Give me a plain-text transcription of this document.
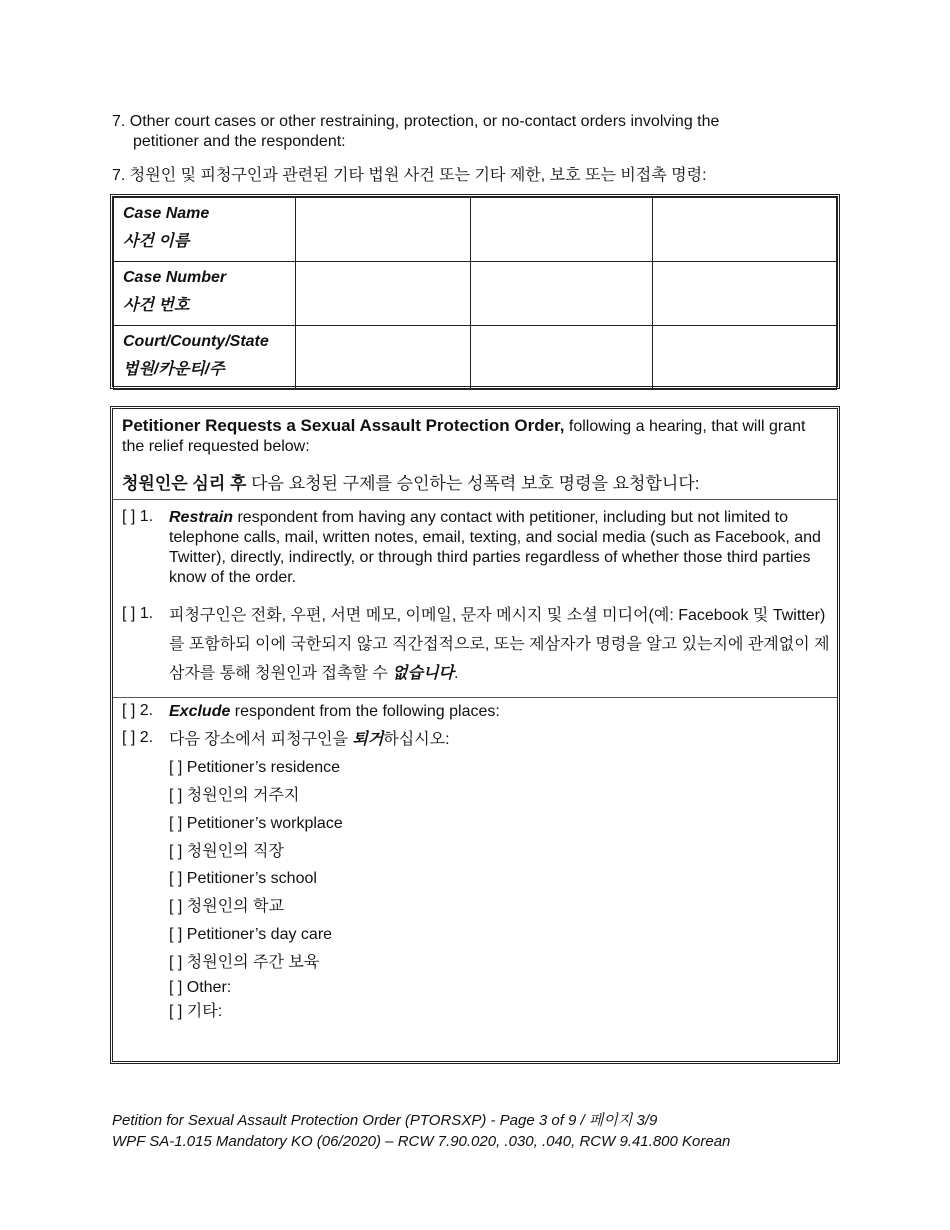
7. Other court cases or other restraining, protection, or no-contact orders involving the
petitioner and the respondent:
7. 청원인 및 피청구인과 관련된 기타 법원 사건 또는 기타 제한, 보호 또는 비접촉 명령:
Case Name
사건 이름			

Case Number
사건 번호			

Court/County/State
법원/카운티/주			

Petitioner Requests a Sexual Assault Protection Order, following a hearing, that will grant the relief requested below:
청원인은 심리 후 다음 요청된 구제를 승인하는 성폭력 보호 명령을 요청합니다:
[ ] 1. Restrain respondent from having any contact with petitioner, including but not limited to telephone calls, mail, written notes, email, texting, and social media (such as Facebook, and Twitter), directly, indirectly, or through third parties regardless of whether those third parties know of the order.
[ ] 1. 피청구인은 전화, 우편, 서면 메모, 이메일, 문자 메시지 및 소셜 미디어(예: Facebook 및 Twitter)를 포함하되 이에 국한되지 않고 직간접적으로, 또는 제삼자가 명령을 알고 있는지에 관계없이 제삼자를 통해 청원인과 접촉할 수 없습니다.
[ ] 2. Exclude respondent from the following places:
[ ] 2. 다음 장소에서 피청구인을 퇴거하십시오:
[ ] Petitioner’s residence
[ ] 청원인의 거주지
[ ] Petitioner’s workplace
[ ] 청원인의 직장
[ ] Petitioner’s school
[ ] 청원인의 학교
[ ] Petitioner’s day care
[ ] 청원인의 주간 보육
[ ] Other:
[ ] 기타:
Petition for Sexual Assault Protection Order (PTORSXP) - Page 3 of 9 / 페이지 3/9
WPF SA-1.015 Mandatory KO (06/2020) – RCW 7.90.020, .030, .040, RCW 9.41.800 Korean
